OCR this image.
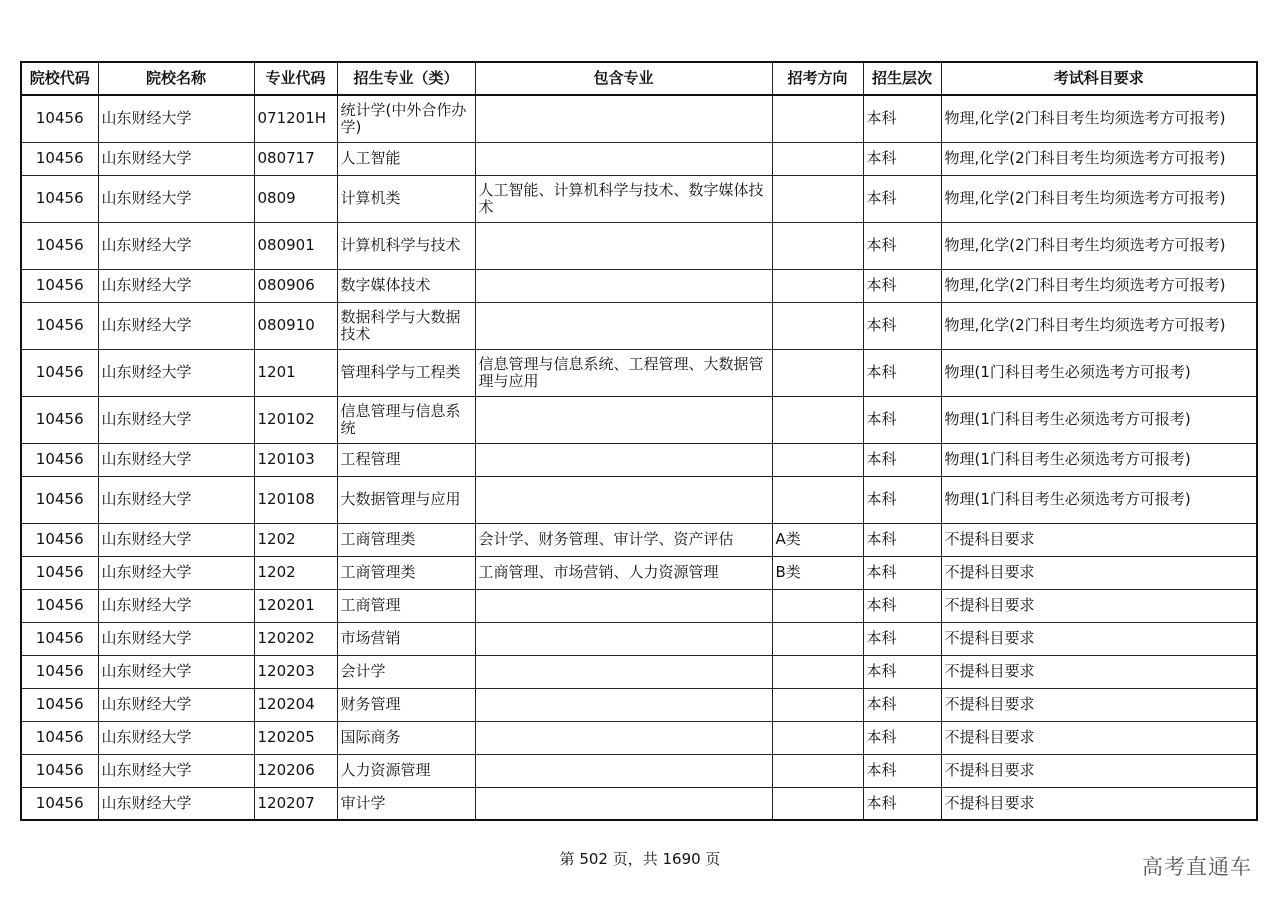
院校代码	院校名称	专业代码	招生专业（类）	包含专业	招考方向	招生层次	考试科目要求
10456	山东财经大学	071201H	统计学(中外合作办学)			本科	物理,化学(2门科目考生均须选考方可报考)
10456	山东财经大学	080717	人工智能			本科	物理,化学(2门科目考生均须选考方可报考)
10456	山东财经大学	0809	计算机类	人工智能、计算机科学与技术、数字媒体技术		本科	物理,化学(2门科目考生均须选考方可报考)
10456	山东财经大学	080901	计算机科学与技术			本科	物理,化学(2门科目考生均须选考方可报考)
10456	山东财经大学	080906	数字媒体技术			本科	物理,化学(2门科目考生均须选考方可报考)
10456	山东财经大学	080910	数据科学与大数据技术			本科	物理,化学(2门科目考生均须选考方可报考)
10456	山东财经大学	1201	管理科学与工程类	信息管理与信息系统、工程管理、大数据管理与应用		本科	物理(1门科目考生必须选考方可报考)
10456	山东财经大学	120102	信息管理与信息系统			本科	物理(1门科目考生必须选考方可报考)
10456	山东财经大学	120103	工程管理			本科	物理(1门科目考生必须选考方可报考)
10456	山东财经大学	120108	大数据管理与应用			本科	物理(1门科目考生必须选考方可报考)
10456	山东财经大学	1202	工商管理类	会计学、财务管理、审计学、资产评估	A类	本科	不提科目要求
10456	山东财经大学	1202	工商管理类	工商管理、市场营销、人力资源管理	B类	本科	不提科目要求
10456	山东财经大学	120201	工商管理			本科	不提科目要求
10456	山东财经大学	120202	市场营销			本科	不提科目要求
10456	山东财经大学	120203	会计学			本科	不提科目要求
10456	山东财经大学	120204	财务管理			本科	不提科目要求
10456	山东财经大学	120205	国际商务			本科	不提科目要求
10456	山东财经大学	120206	人力资源管理			本科	不提科目要求
10456	山东财经大学	120207	审计学			本科	不提科目要求
第 502 页，共 1690 页	高考直通车
